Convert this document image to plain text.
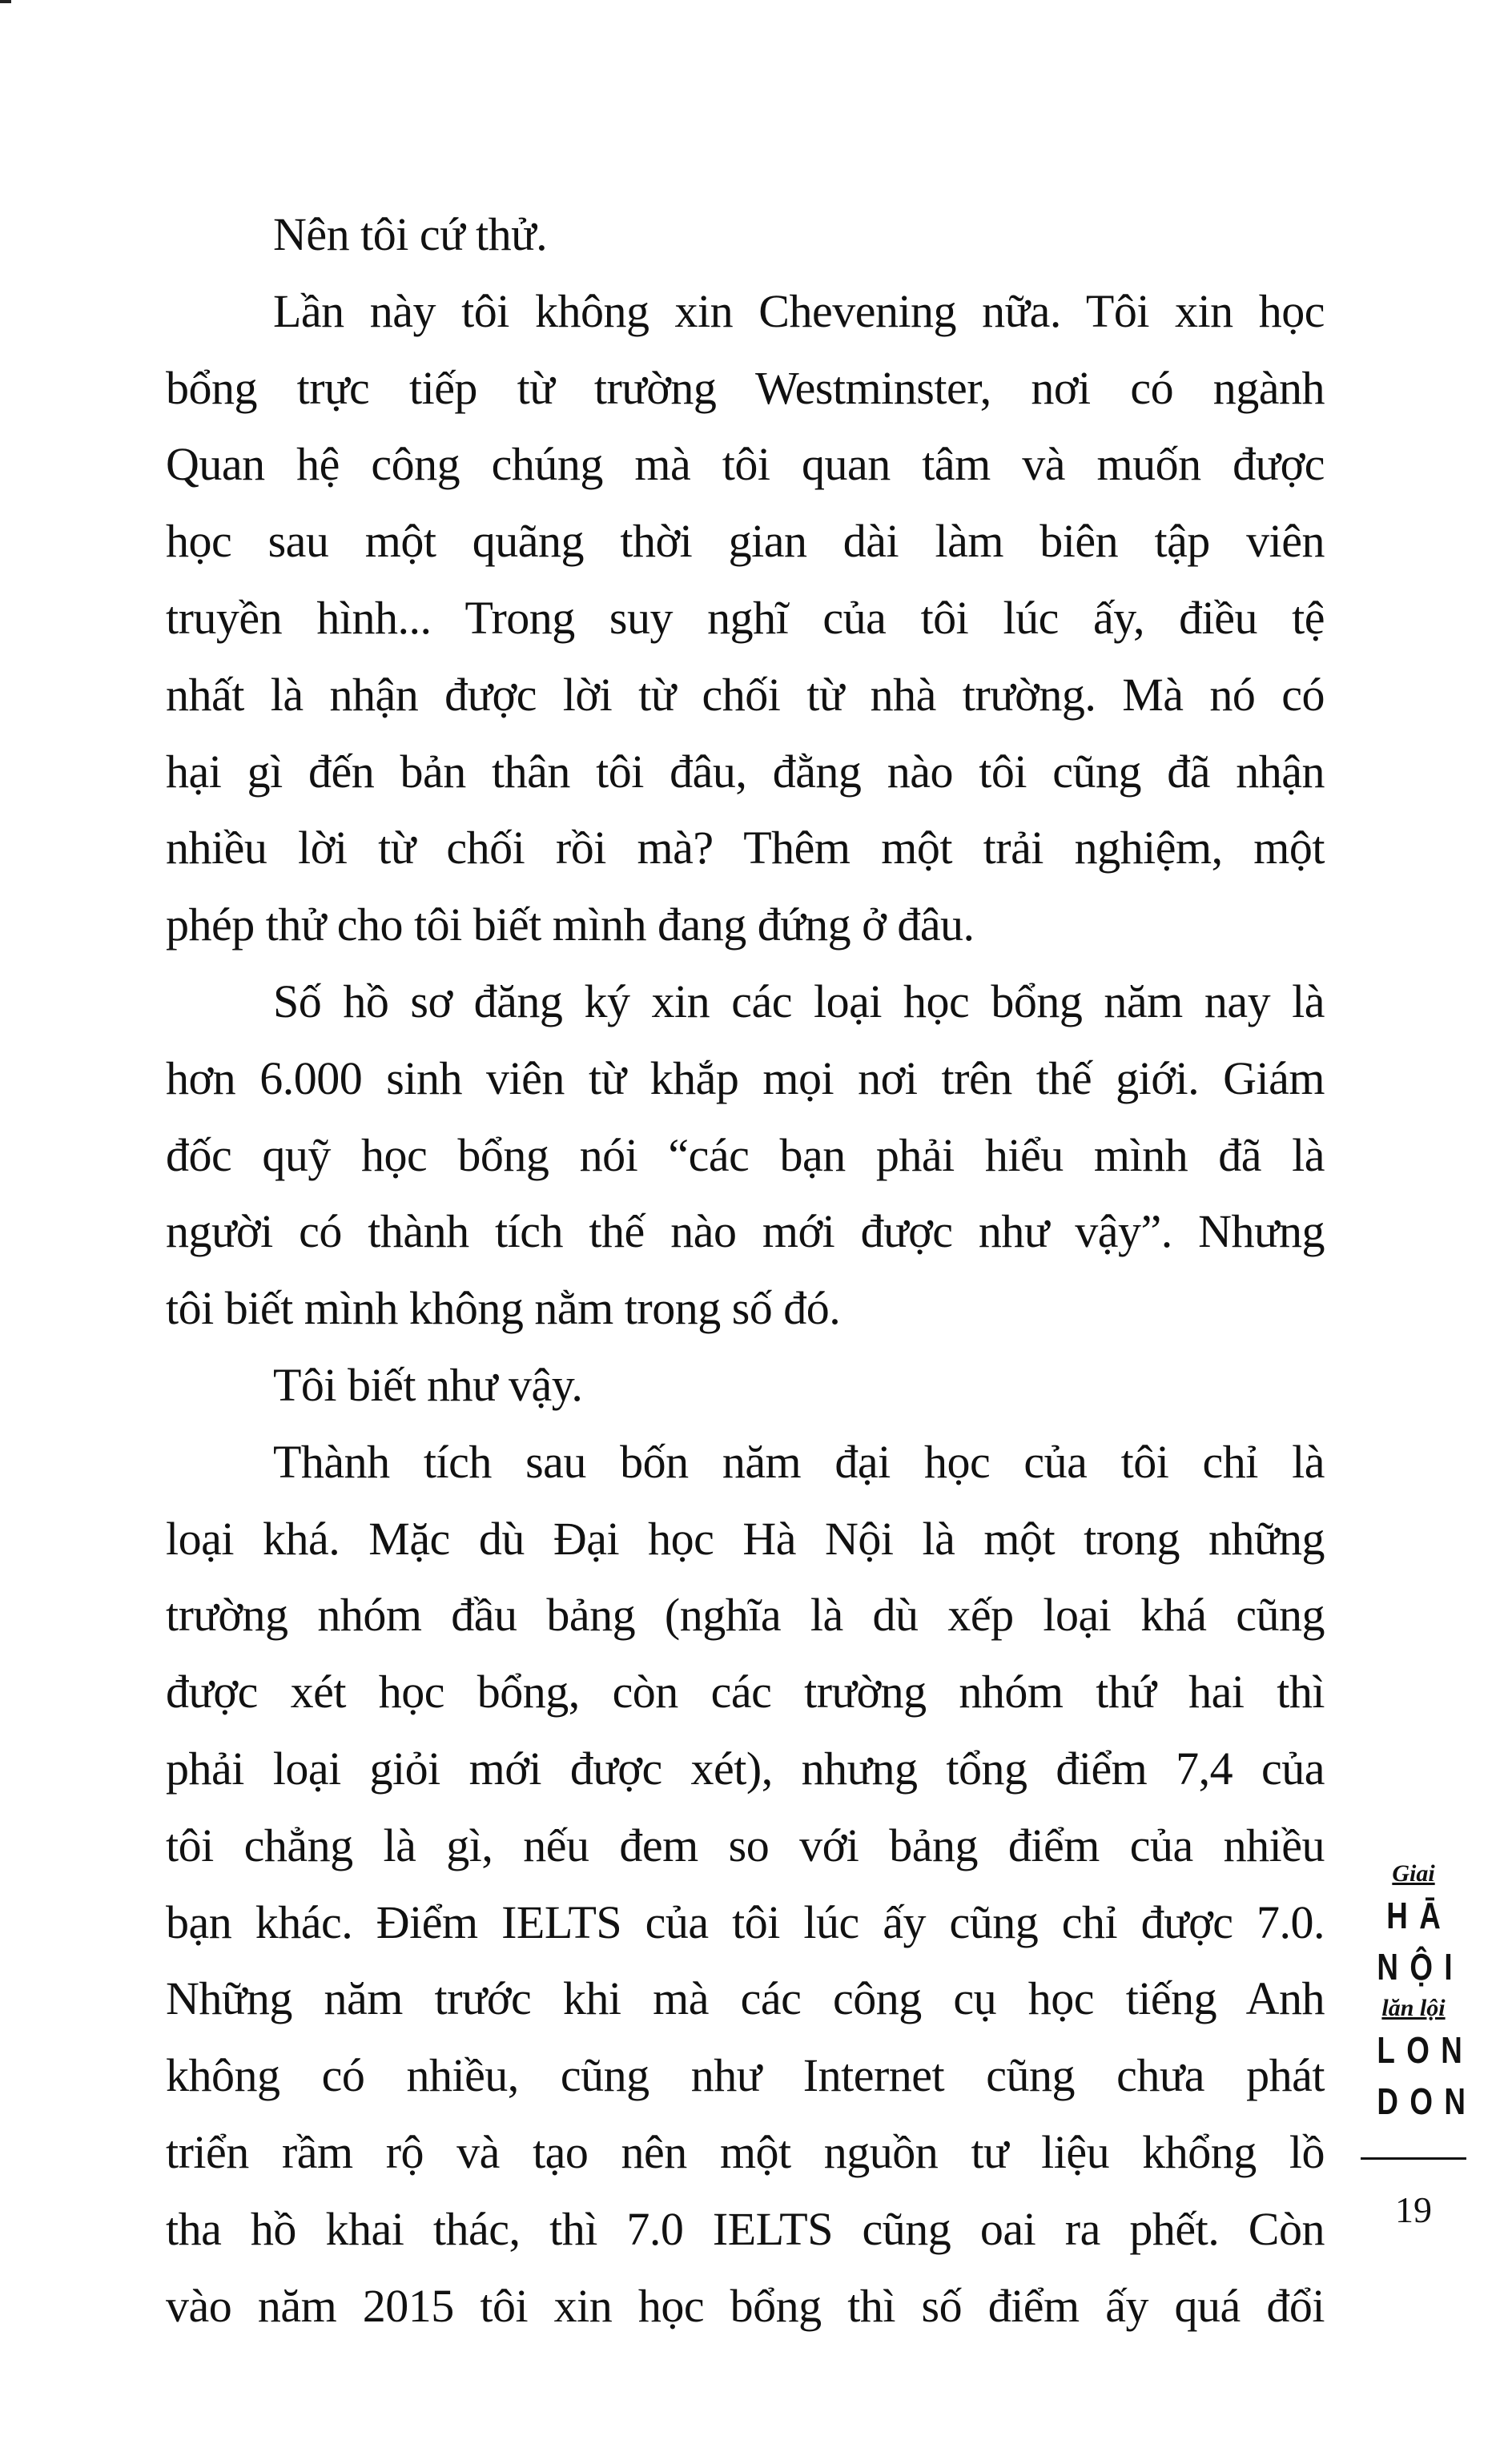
Nên tôi cứ thử.
Lần này tôi không xin Chevening nữa. Tôi xin học
bổng trực tiếp từ trường Westminster, nơi có ngành
Quan hệ công chúng mà tôi quan tâm và muốn được
học sau một quãng thời gian dài làm biên tập viên
truyền hình... Trong suy nghĩ của tôi lúc ấy, điều tệ
nhất là nhận được lời từ chối từ nhà trường. Mà nó có
hại gì đến bản thân tôi đâu, đằng nào tôi cũng đã nhận
nhiều lời từ chối rồi mà? Thêm một trải nghiệm, một
phép thử cho tôi biết mình đang đứng ở đâu.
Số hồ sơ đăng ký xin các loại học bổng năm nay là
hơn 6.000 sinh viên từ khắp mọi nơi trên thế giới. Giám
đốc quỹ học bổng nói “các bạn phải hiểu mình đã là
người có thành tích thế nào mới được như vậy”. Nhưng
tôi biết mình không nằm trong số đó.
Tôi biết như vậy.
Thành tích sau bốn năm đại học của tôi chỉ là
loại khá. Mặc dù Đại học Hà Nội là một trong những
trường nhóm đầu bảng (nghĩa là dù xếp loại khá cũng
được xét học bổng, còn các trường nhóm thứ hai thì
phải loại giỏi mới được xét), nhưng tổng điểm 7,4 của
tôi chẳng là gì, nếu đem so với bảng điểm của nhiều
bạn khác. Điểm IELTS của tôi lúc ấy cũng chỉ được 7.0.
Những năm trước khi mà các công cụ học tiếng Anh
không có nhiều, cũng như Internet cũng chưa phát
triển rầm rộ và tạo nên một nguồn tư liệu khổng lồ
tha hồ khai thác, thì 7.0 IELTS cũng oai ra phết. Còn
vào năm 2015 tôi xin học bổng thì số điểm ấy quá đổi
Giai
HĀ
NỘI
lăn lội
LON
DON
19
